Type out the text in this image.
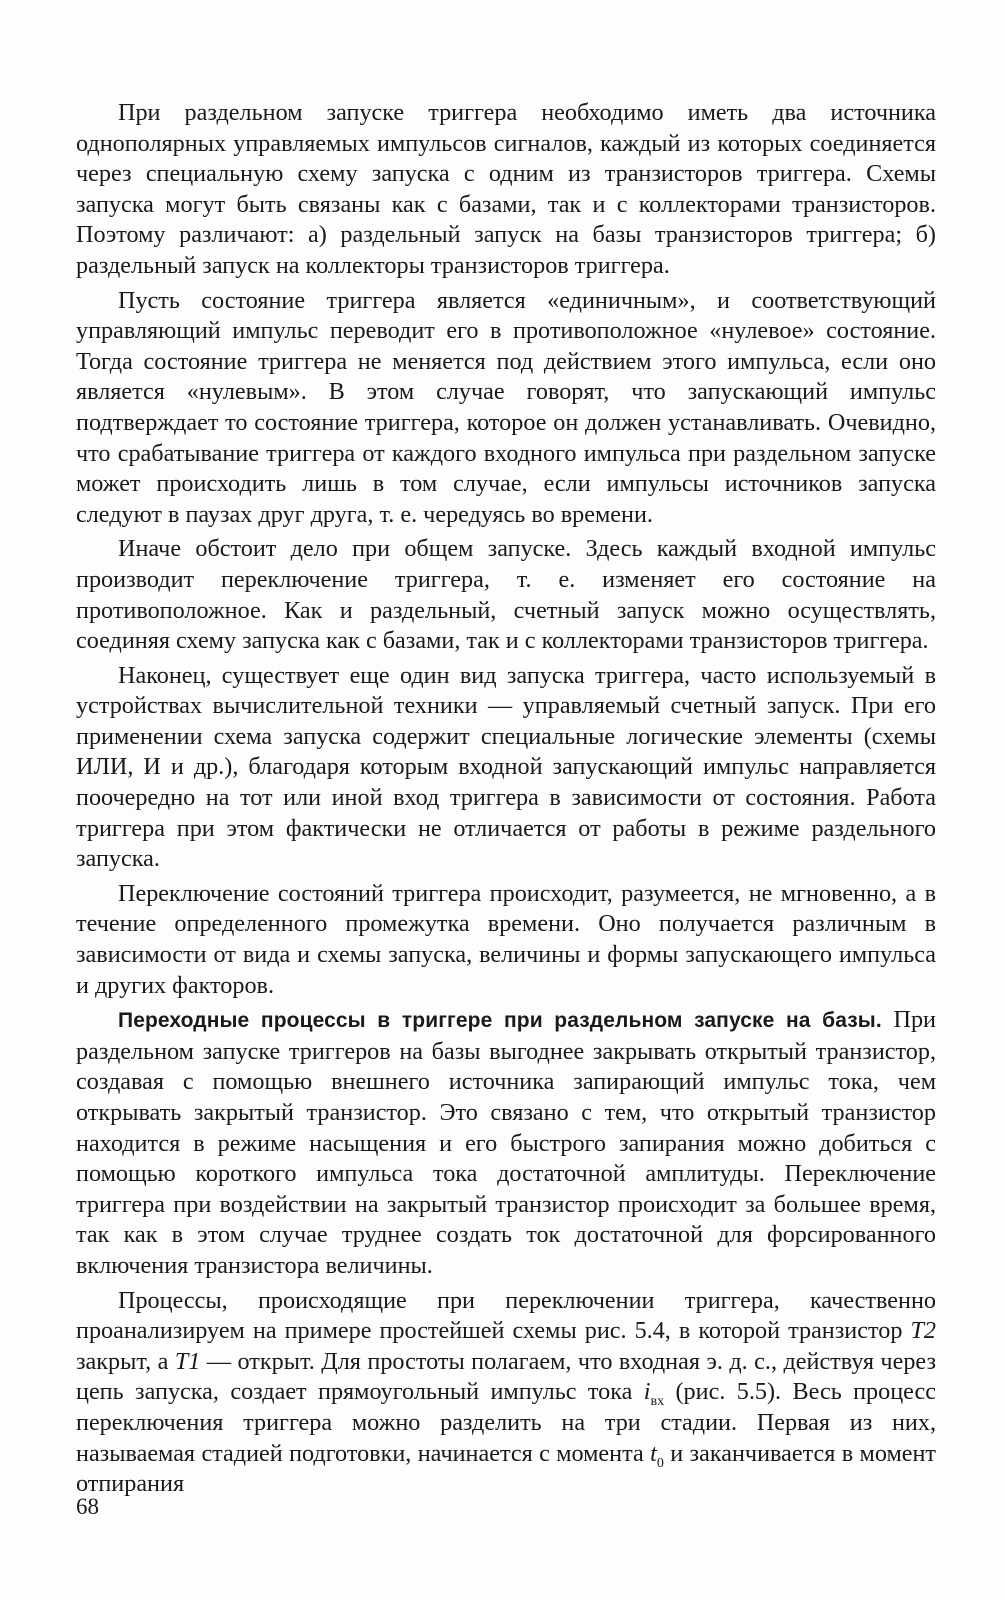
При раздельном запуске триггера необходимо иметь два источника однополярных управляемых импульсов сигналов, каждый из которых соединяется через специальную схему запуска с одним из транзисторов триггера. Схемы запуска могут быть связаны как с базами, так и с коллекторами транзисторов. Поэтому различают: а) раздельный запуск на базы транзисторов триггера; б) раздельный запуск на коллекторы транзисторов триггера.

Пусть состояние триггера является «единичным», и соответствующий управляющий импульс переводит его в противоположное «нулевое» состояние. Тогда состояние триггера не меняется под действием этого импульса, если оно является «нулевым». В этом случае говорят, что запускающий импульс подтверждает то состояние триггера, которое он должен устанавливать. Очевидно, что срабатывание триггера от каждого входного импульса при раздельном запуске может происходить лишь в том случае, если импульсы источников запуска следуют в паузах друг друга, т. е. чередуясь во времени.

Иначе обстоит дело при общем запуске. Здесь каждый входной импульс производит переключение триггера, т. е. изменяет его состояние на противоположное. Как и раздельный, счетный запуск можно осуществлять, соединяя схему запуска как с базами, так и с коллекторами транзисторов триггера.

Наконец, существует еще один вид запуска триггера, часто используемый в устройствах вычислительной техники — управляемый счетный запуск. При его применении схема запуска содержит специальные логические элементы (схемы ИЛИ, И и др.), благодаря которым входной запускающий импульс направляется поочередно на тот или иной вход триггера в зависимости от состояния. Работа триггера при этом фактически не отличается от работы в режиме раздельного запуска.

Переключение состояний триггера происходит, разумеется, не мгновенно, а в течение определенного промежутка времени. Оно получается различным в зависимости от вида и схемы запуска, величины и формы запускающего импульса и других факторов.

Переходные процессы в триггере при раздельном запуске на базы. При раздельном запуске триггеров на базы выгоднее закрывать открытый транзистор, создавая с помощью внешнего источника запирающий импульс тока, чем открывать закрытый транзистор. Это связано с тем, что открытый транзистор находится в режиме насыщения и его быстрого запирания можно добиться с помощью короткого импульса тока достаточной амплитуды. Переключение триггера при воздействии на закрытый транзистор происходит за большее время, так как в этом случае труднее создать ток достаточной для форсированного включения транзистора величины.

Процессы, происходящие при переключении триггера, качественно проанализируем на примере простейшей схемы рис. 5.4, в которой транзистор Т2 закрыт, а Т1 — открыт. Для простоты полагаем, что входная э. д. с., действуя через цепь запуска, создает прямоугольный импульс тока $i_{вх}$ (рис. 5.5). Весь процесс переключения триггера можно разделить на три стадии. Первая из них, называемая стадией подготовки, начинается с момента $t_0$ и заканчивается в момент отпирания

68
